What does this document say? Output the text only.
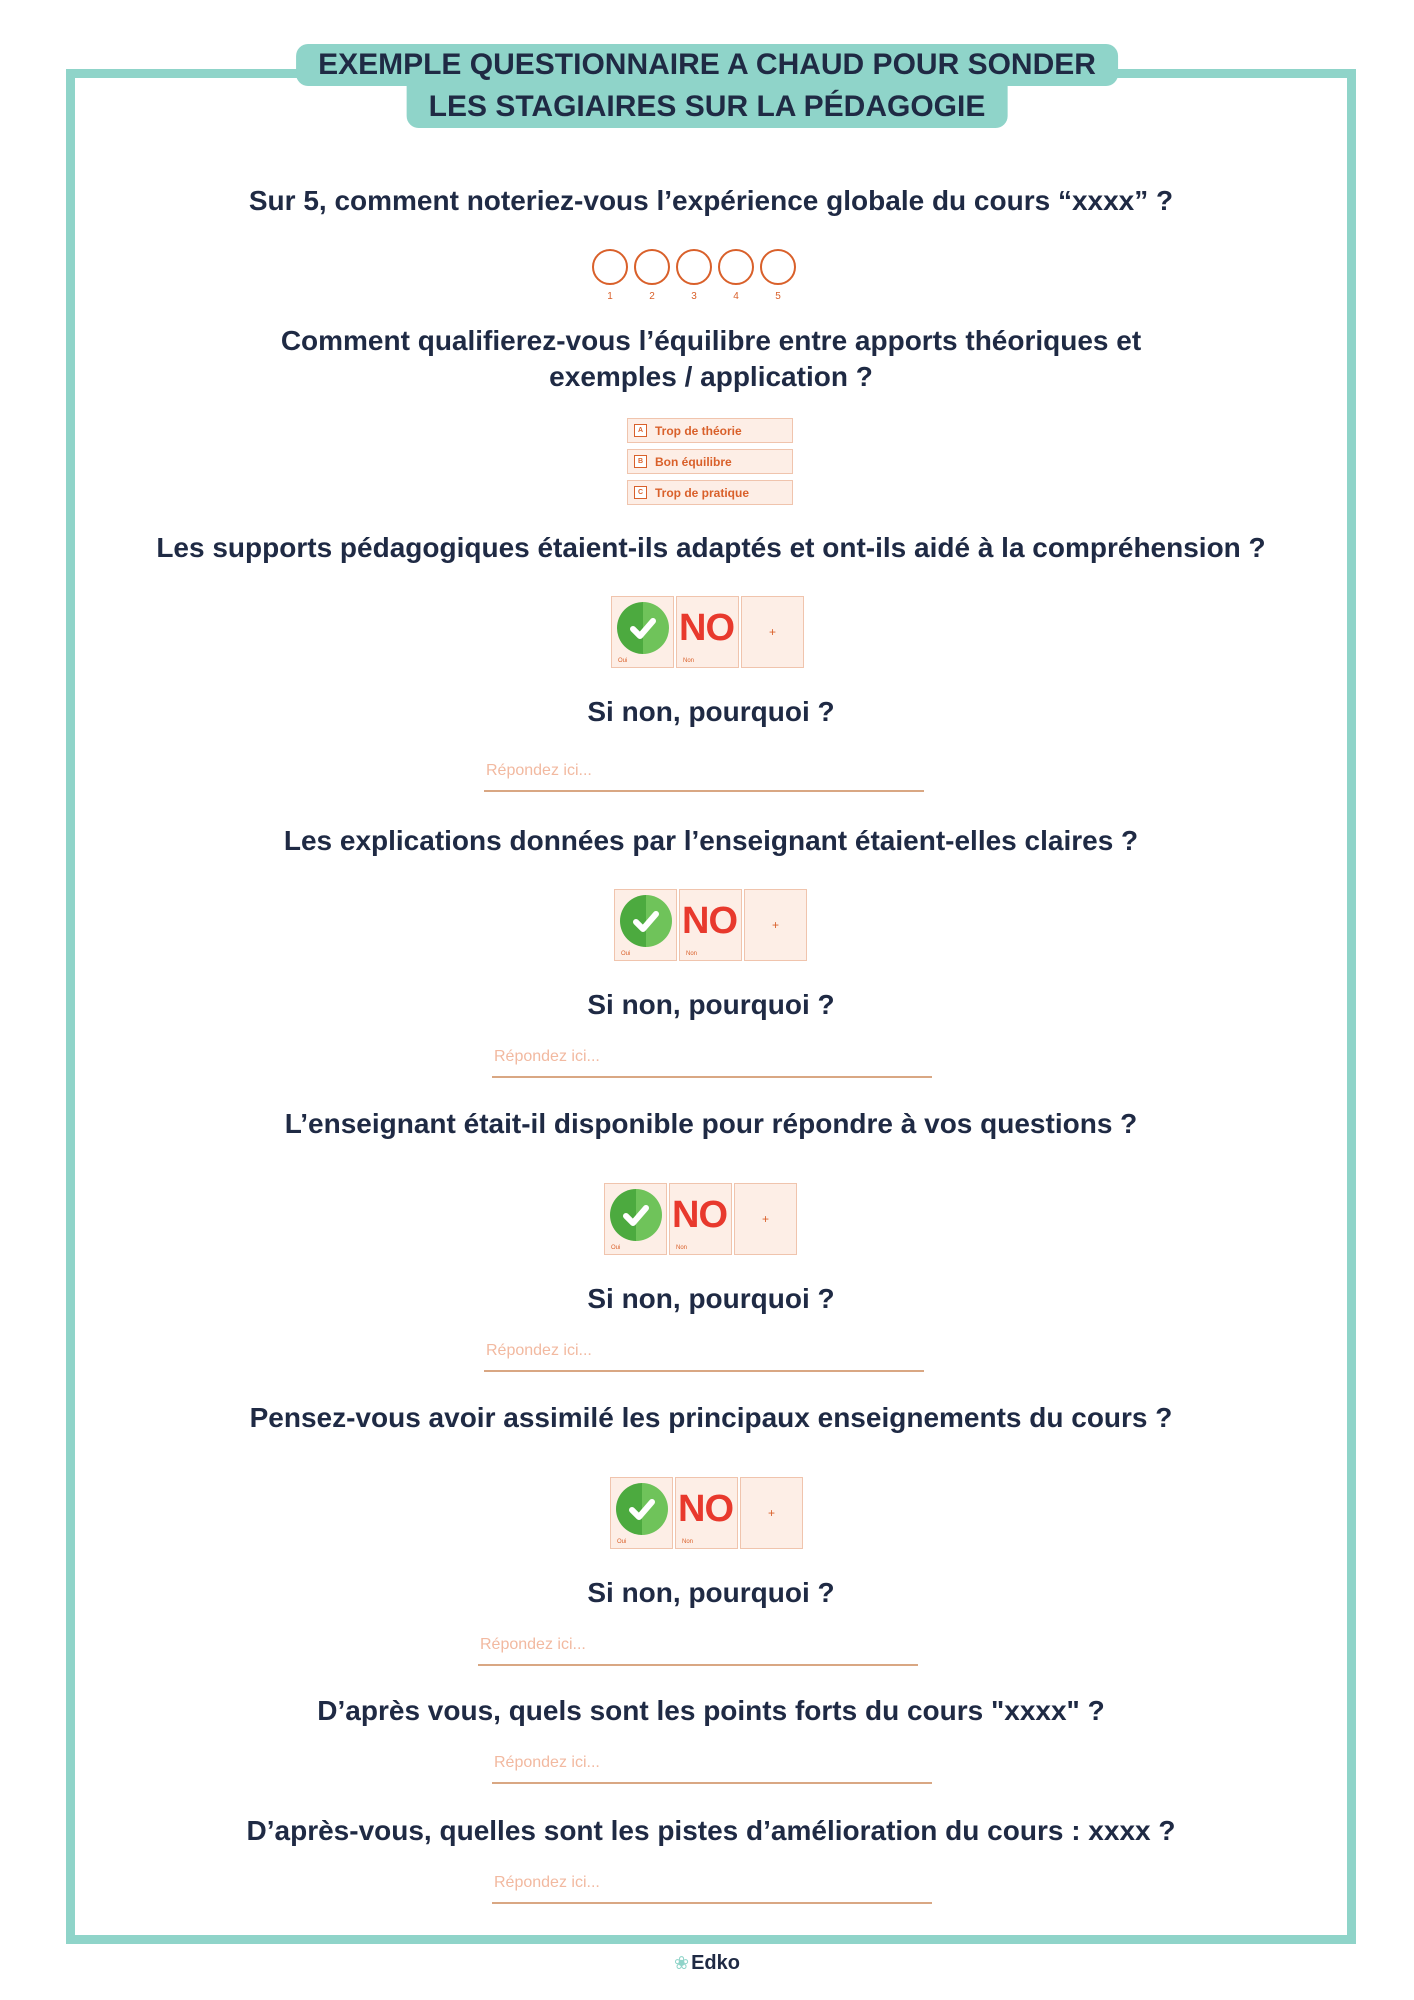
EXEMPLE QUESTIONNAIRE A CHAUD POUR SONDER
LES STAGIAIRES SUR LA PÉDAGOGIE
Sur 5, comment noteriez-vous l’expérience globale du cours “xxxx” ?
1	2	3	4	5
Comment qualifierez-vous l’équilibre entre apports théoriques et
exemples / application ?
A Trop de théorie
B Bon équilibre
C Trop de pratique
Les supports pédagogiques étaient-ils adaptés et ont-ils aidé à la compréhension ?
Oui
NO
Non
+
Si non, pourquoi ?
Répondez ici...
Les explications données par l’enseignant étaient-elles claires ?
Oui
NO
Non
+
Si non, pourquoi ?
Répondez ici...
L’enseignant était-il disponible pour répondre à vos questions ?
Oui
NO
Non
+
Si non, pourquoi ?
Répondez ici...
Pensez-vous avoir assimilé les principaux enseignements du cours ?
Oui
NO
Non
+
Si non, pourquoi ?
Répondez ici...
D’après vous, quels sont les points forts du cours "xxxx" ?
Répondez ici...
D’après-vous, quelles sont les pistes d’amélioration du cours : xxxx ?
Répondez ici...
❀ Edko
